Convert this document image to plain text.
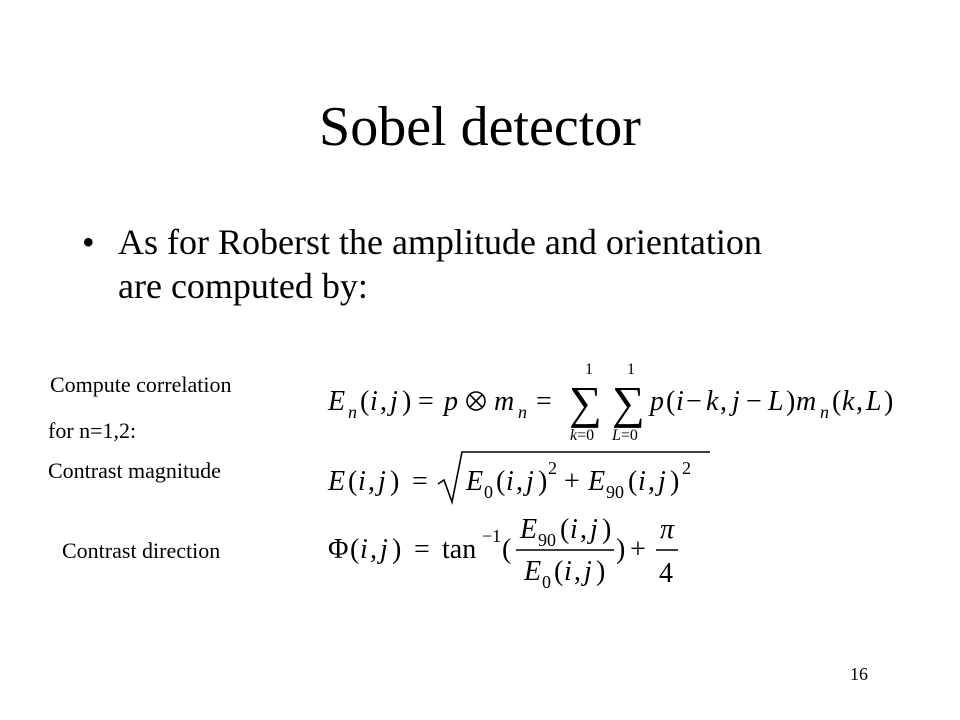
Sobel detector
• As for Roberst the amplitude and orientation are computed by:
Compute correlation
for n=1,2:
Contrast magnitude
Contrast direction
E n ( i , j ) = p m n = ∑
1
k=0
∑
1
L=0
p ( i − k , j − L ) m n ( k , L )
E ( i , j ) = E 0 ( i , j ) 2 + E 90 ( i , j ) 2
Φ ( i , j ) = tan −1 (
E 90 ( i , j )
E 0 ( i , j )
) +
π
4
16
